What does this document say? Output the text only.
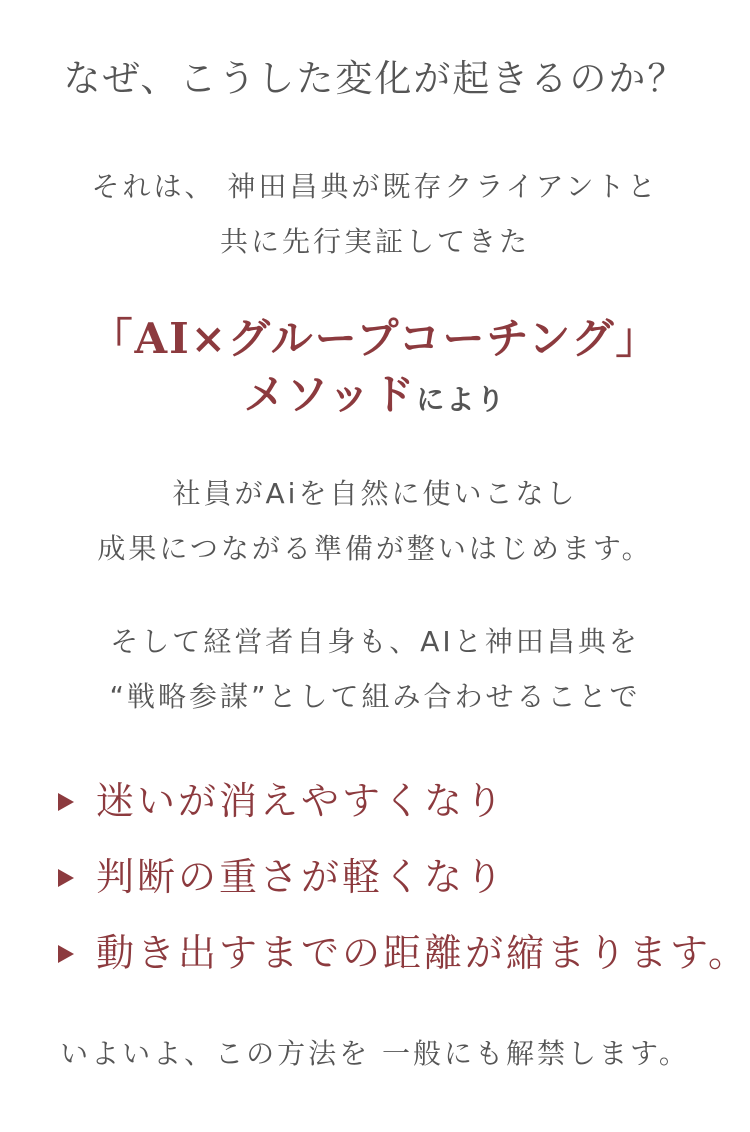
なぜ、こうした変化が起きるのか？
それは、 神田昌典が既存クライアントと
共に先行実証してきた
「AI×グループコーチング」
メソッドにより
社員がAiを自然に使いこなし
成果につながる準備が整いはじめます。
そして経営者自身も、AIと神田昌典を
“戦略参謀”として組み合わせることで
迷いが消えやすくなり
判断の重さが軽くなり
動き出すまでの距離が縮まります。
いよいよ、この方法を 一般にも解禁します。
